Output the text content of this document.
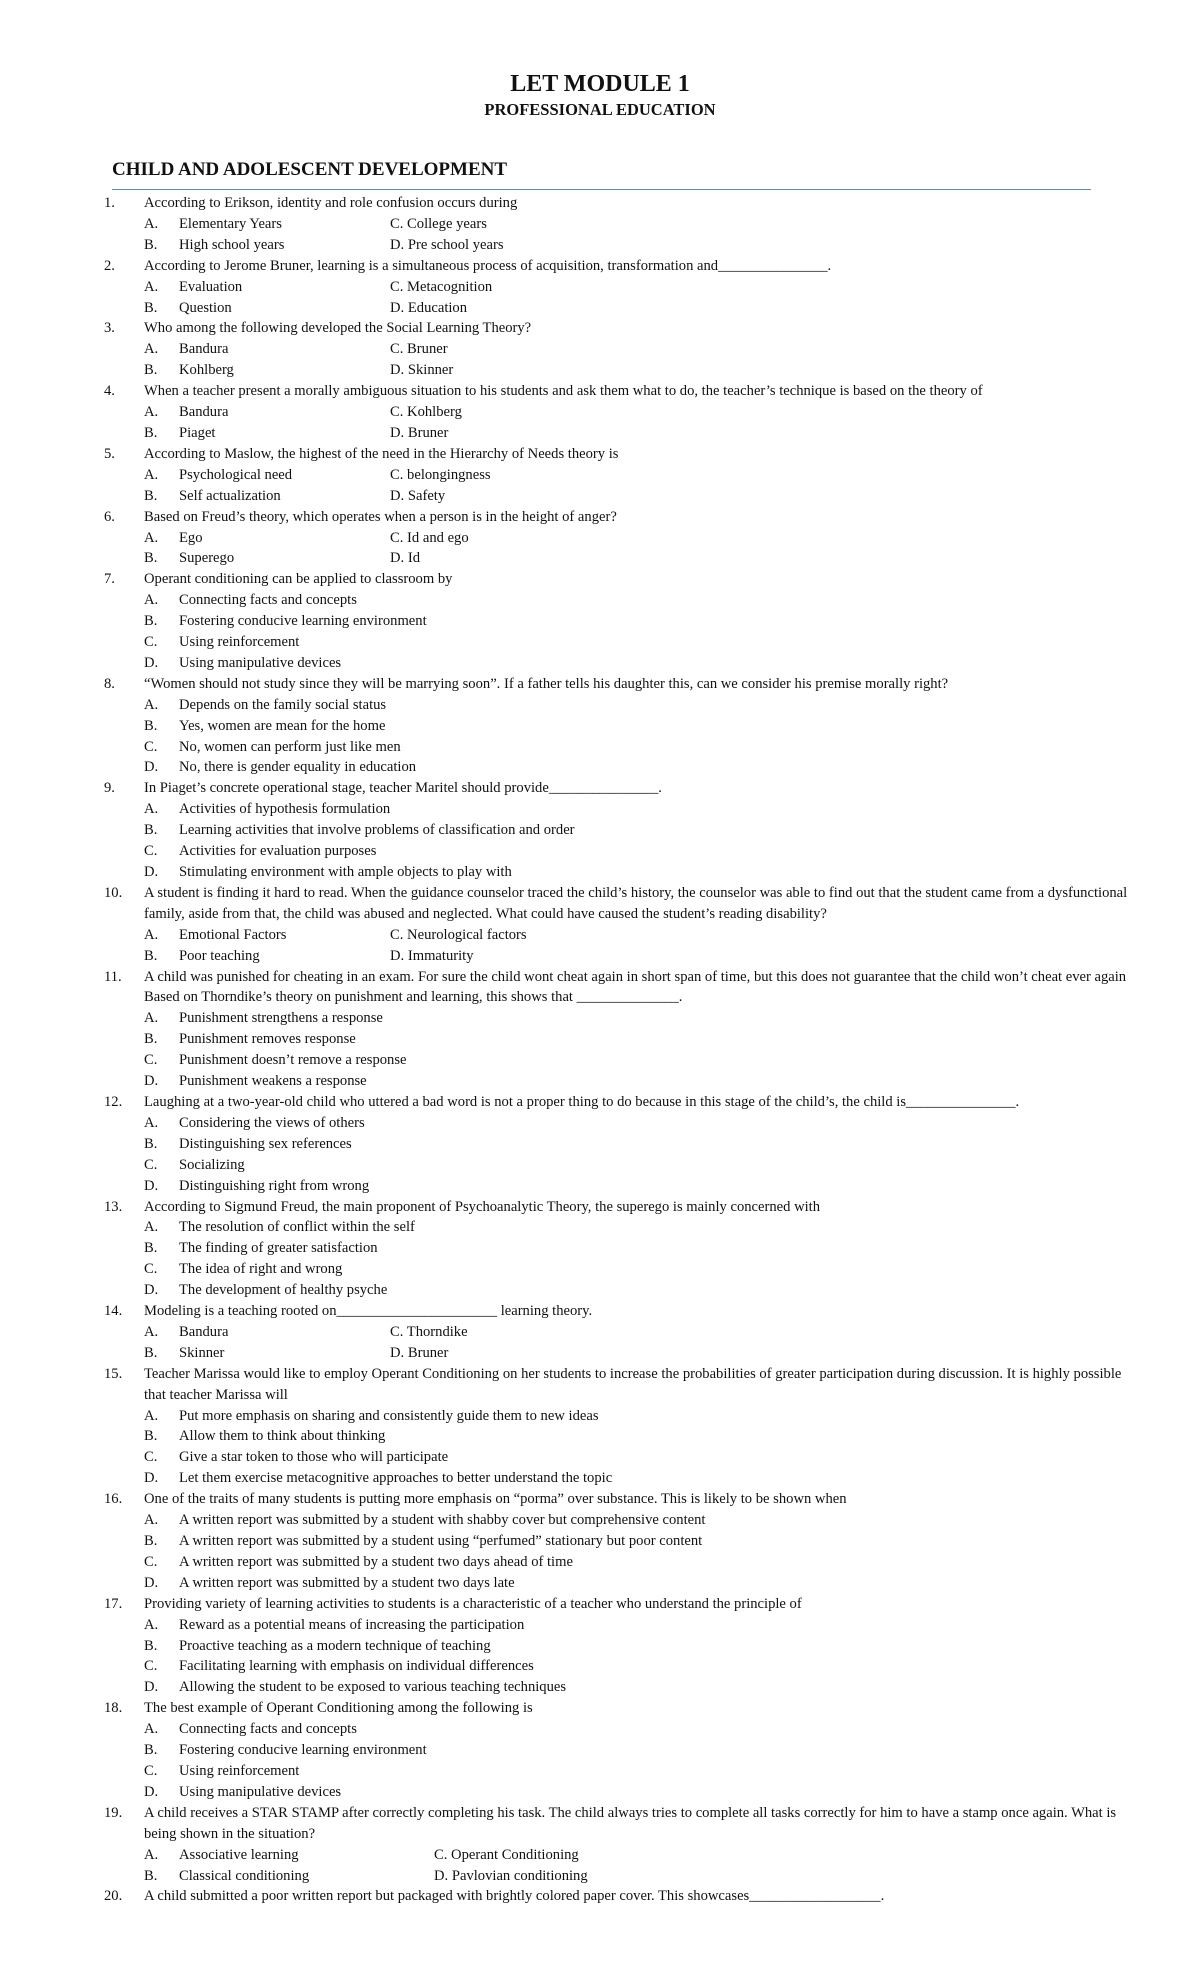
LET MODULE 1
PROFESSIONAL EDUCATION
CHILD AND ADOLESCENT DEVELOPMENT
1.	According to Erikson, identity and role confusion occurs during
A.	Elementary Years	C. College years
B.	High school years	D. Pre school years
2.	According to Jerome Bruner, learning is a simultaneous process of acquisition, transformation and_______________.
A.	Evaluation	C. Metacognition
B.	Question	D. Education
3.	Who among the following developed the Social Learning Theory?
A.	Bandura	C. Bruner
B.	Kohlberg	D. Skinner
4.	When a teacher present a morally ambiguous situation to his students and ask them what to do, the teacher’s technique is based on the theory of
A.	Bandura	C. Kohlberg
B.	Piaget	D. Bruner
5.	According to Maslow, the highest of the need in the Hierarchy of Needs theory is
A.	Psychological need	C. belongingness
B.	Self actualization	D. Safety
6.	Based on Freud’s theory, which operates when a person is in the height of anger?
A.	Ego	C. Id and ego
B.	Superego	D. Id
7.	Operant conditioning can be applied to classroom by
A.	Connecting facts and concepts
B.	Fostering conducive learning environment
C.	Using reinforcement
D.	Using manipulative devices
8.	“Women should not study since they will be marrying soon”. If a father tells his daughter this, can we consider his premise morally right?
A.	Depends on the family social status
B.	Yes, women are mean for the home
C.	No, women can perform just like men
D.	No, there is gender equality in education
9.	In Piaget’s concrete operational stage, teacher Maritel should provide_______________.
A.	Activities of hypothesis formulation
B.	Learning activities that involve problems of classification and order
C.	Activities for evaluation purposes
D.	Stimulating environment with ample objects to play with
10.	A student is finding it hard to read. When the guidance counselor traced the child’s history, the counselor was able to find out that the student came from a dysfunctional family, aside from that, the child was abused and neglected. What could have caused the student’s reading disability?
A.	Emotional Factors	C. Neurological factors
B.	Poor teaching	D. Immaturity
11.	A child was punished for cheating in an exam. For sure the child wont cheat again in short span of time, but this does not guarantee that the child won’t cheat ever again Based on Thorndike’s theory on punishment and learning, this shows that ______________.
A.	Punishment strengthens a response
B.	Punishment removes response
C.	Punishment doesn’t remove a response
D.	Punishment weakens a response
12.	Laughing at a two-year-old child who uttered a bad word is not a proper thing to do because in this stage of the child’s, the child is_______________.
A.	Considering the views of others
B.	Distinguishing sex references
C.	Socializing
D.	Distinguishing right from wrong
13.	According to Sigmund Freud, the main proponent of Psychoanalytic Theory, the superego is mainly concerned with
A.	The resolution of conflict within the self
B.	The finding of greater satisfaction
C.	The idea of right and wrong
D.	The development of healthy psyche
14.	Modeling is a teaching rooted on______________________ learning theory.
A.	Bandura	C. Thorndike
B.	Skinner	D. Bruner
15.	Teacher Marissa would like to employ Operant Conditioning on her students to increase the probabilities of greater participation during discussion. It is highly possible that teacher Marissa will
A.	Put more emphasis on sharing and consistently guide them to new ideas
B.	Allow them to think about thinking
C.	Give a star token to those who will participate
D.	Let them exercise metacognitive approaches to better understand the topic
16.	One of the traits of many students is putting more emphasis on “porma” over substance. This is likely to be shown when
A.	A written report was submitted by a student with shabby cover but comprehensive content
B.	A written report was submitted by a student using “perfumed” stationary but poor content
C.	A written report was submitted by a student two days ahead of time
D.	A written report was submitted by a student two days late
17.	Providing variety of learning activities to students is a characteristic of a teacher who understand the principle of
A.	Reward as a potential means of increasing the participation
B.	Proactive teaching as a modern technique of teaching
C.	Facilitating learning with emphasis on individual differences
D.	Allowing the student to be exposed to various teaching techniques
18.	The best example of Operant Conditioning among the following is
A.	Connecting facts and concepts
B.	Fostering conducive learning environment
C.	Using reinforcement
D.	Using manipulative devices
19.	A child receives a STAR STAMP after correctly completing his task. The child always tries to complete all tasks correctly for him to have a stamp once again. What is being shown in the situation?
A.	Associative learning	C. Operant Conditioning
B.	Classical conditioning	D. Pavlovian conditioning
20.	A child submitted a poor written report but packaged with brightly colored paper cover. This showcases__________________.
